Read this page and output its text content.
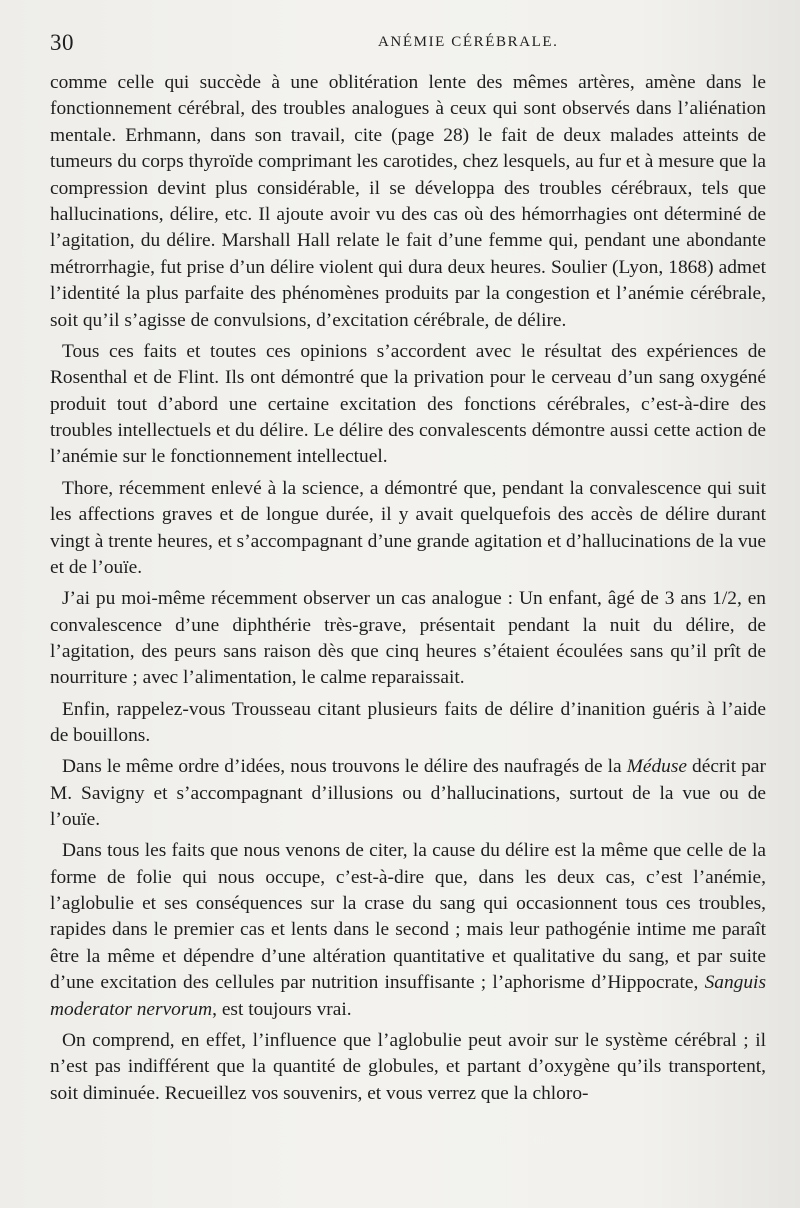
30	ANÉMIE CÉRÉBRALE.

comme celle qui succède à une oblitération lente des mêmes artères, amène dans le fonctionnement cérébral, des troubles analogues à ceux qui sont observés dans l’aliénation mentale. Erhmann, dans son travail, cite (page 28) le fait de deux malades atteints de tumeurs du corps thyroïde comprimant les carotides, chez lesquels, au fur et à mesure que la compression devint plus considérable, il se développa des troubles cérébraux, tels que hallucinations, délire, etc. Il ajoute avoir vu des cas où des hémorrhagies ont déterminé de l’agitation, du délire. Marshall Hall relate le fait d’une femme qui, pendant une abondante métrorrhagie, fut prise d’un délire violent qui dura deux heures. Soulier (Lyon, 1868) admet l’identité la plus parfaite des phénomènes produits par la congestion et l’anémie cérébrale, soit qu’il s’agisse de convulsions, d’excitation cérébrale, de délire.

Tous ces faits et toutes ces opinions s’accordent avec le résultat des expériences de Rosenthal et de Flint. Ils ont démontré que la privation pour le cerveau d’un sang oxygéné produit tout d’abord une certaine excitation des fonctions cérébrales, c’est-à-dire des troubles intellectuels et du délire. Le délire des convalescents démontre aussi cette action de l’anémie sur le fonctionnement intellectuel.

Thore, récemment enlevé à la science, a démontré que, pendant la convalescence qui suit les affections graves et de longue durée, il y avait quelquefois des accès de délire durant vingt à trente heures, et s’accompagnant d’une grande agitation et d’hallucinations de la vue et de l’ouïe.

J’ai pu moi-même récemment observer un cas analogue : Un enfant, âgé de 3 ans 1/2, en convalescence d’une diphthérie très-grave, présentait pendant la nuit du délire, de l’agitation, des peurs sans raison dès que cinq heures s’étaient écoulées sans qu’il prît de nourriture ; avec l’alimentation, le calme reparaissait.

Enfin, rappelez-vous Trousseau citant plusieurs faits de délire d’inanition guéris à l’aide de bouillons.

Dans le même ordre d’idées, nous trouvons le délire des naufragés de la Méduse décrit par M. Savigny et s’accompagnant d’illusions ou d’hallucinations, surtout de la vue ou de l’ouïe.

Dans tous les faits que nous venons de citer, la cause du délire est la même que celle de la forme de folie qui nous occupe, c’est-à-dire que, dans les deux cas, c’est l’anémie, l’aglobulie et ses conséquences sur la crase du sang qui occasionnent tous ces troubles, rapides dans le premier cas et lents dans le second ; mais leur pathogénie intime me paraît être la même et dépendre d’une altération quantitative et qualitative du sang, et par suite d’une excitation des cellules par nutrition insuffisante ; l’aphorisme d’Hippocrate, Sanguis moderator nervorum, est toujours vrai.

On comprend, en effet, l’influence que l’aglobulie peut avoir sur le système cérébral ; il n’est pas indifférent que la quantité de globules, et partant d’oxygène qu’ils transportent, soit diminuée. Recueillez vos souvenirs, et vous verrez que la chloro-
